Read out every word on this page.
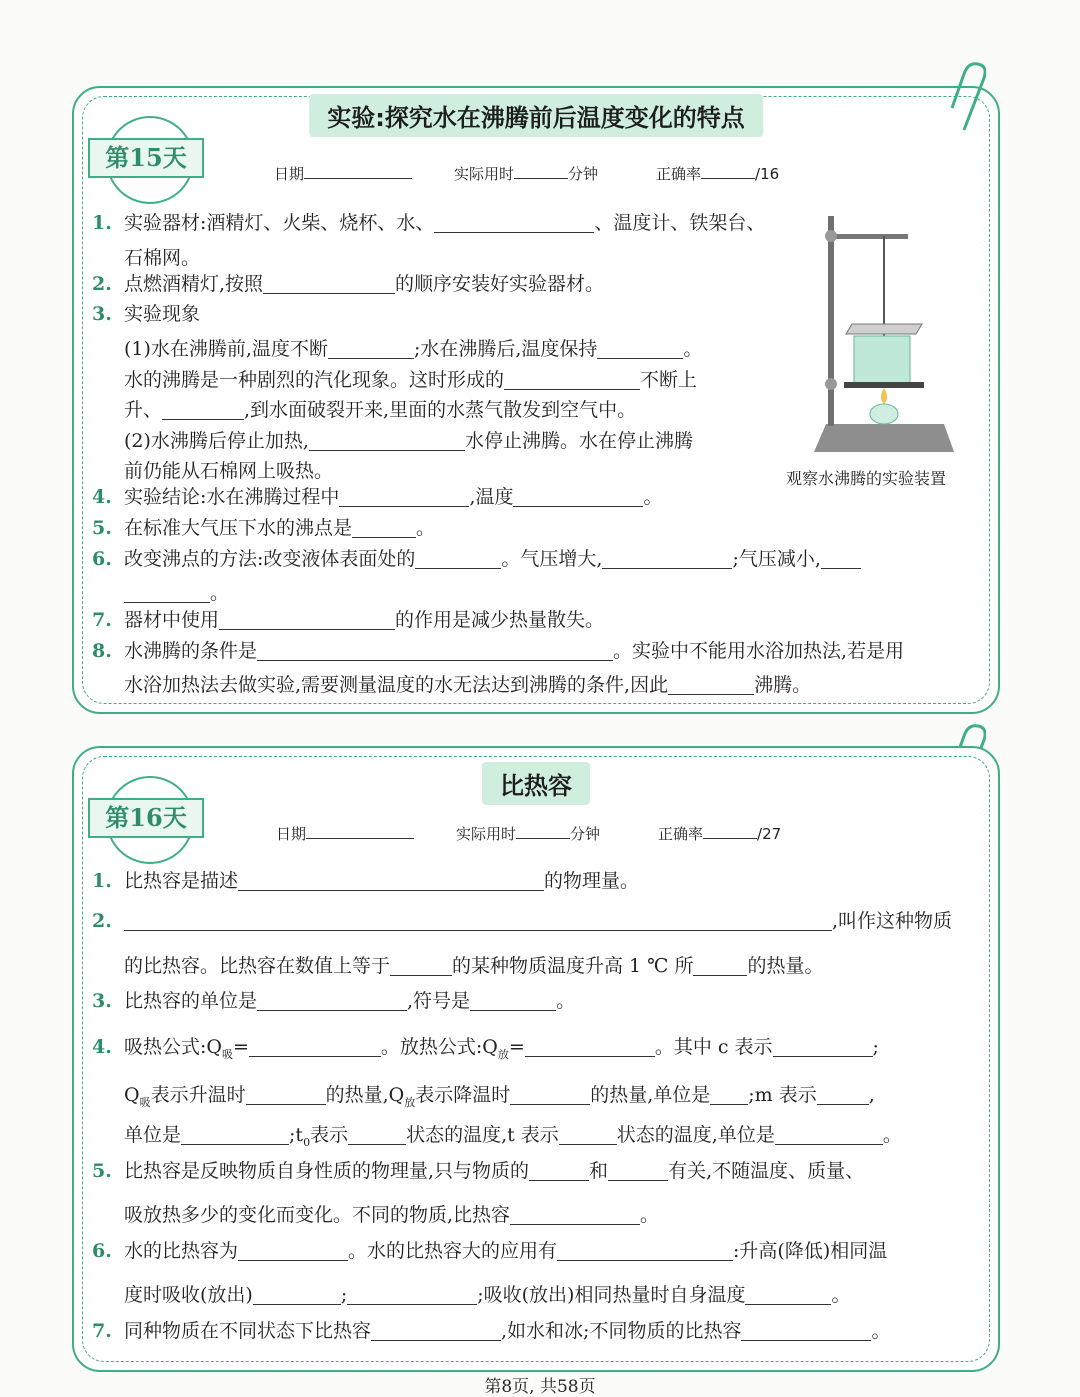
实验:探究水在沸腾前后温度变化的特点
第15天
日期	实际用时	分钟	正确率	/16
观察水沸腾的实验装置
1. 实验器材:酒精灯、火柴、烧杯、水、	、温度计、铁架台、
石棉网。
2. 点燃酒精灯,按照	的顺序安装好实验器材。
3. 实验现象
(1)水在沸腾前,温度不断	;水在沸腾后,温度保持	。
水的沸腾是一种剧烈的汽化现象。这时形成的	不断上
升、	,到水面破裂开来,里面的水蒸气散发到空气中。
(2)水沸腾后停止加热,	水停止沸腾。水在停止沸腾
前仍能从石棉网上吸热。
4. 实验结论:水在沸腾过程中	,温度	。
5. 在标准大气压下水的沸点是	。
6. 改变沸点的方法:改变液体表面处的	。气压增大,	;气压减小,
。
7. 器材中使用	的作用是减少热量散失。
8. 水沸腾的条件是	。实验中不能用水浴加热法,若是用
水浴加热法去做实验,需要测量温度的水无法达到沸腾的条件,因此	沸腾。
比热容
第16天
日期	实际用时	分钟	正确率	/27
1. 比热容是描述	的物理量。
2.	,叫作这种物质
的比热容。比热容在数值上等于	的某种物质温度升高 1 ℃ 所	的热量。
3. 比热容的单位是	,符号是	。
4. 吸热公式$:Q_吸=$	。放热公式$:Q_放=$	。其中 c 表示	;
$Q_吸$表示升温时	的热量$,Q_放$表示降温时	的热量,单位是 ;m 表示	,
单位是	$;t_0$表示	状态的温度,t 表示	状态的温度,单位是	。
5. 比热容是反映物质自身性质的物理量,只与物质的	和	有关,不随温度、质量、
吸放热多少的变化而变化。不同的物质,比热容	。
6. 水的比热容为	。水的比热容大的应用有	:升高(降低)相同温
度时吸收(放出)	;	;吸收(放出)相同热量时自身温度	。
7. 同种物质在不同状态下比热容	,如水和冰;不同物质的比热容	。
第8页, 共58页
